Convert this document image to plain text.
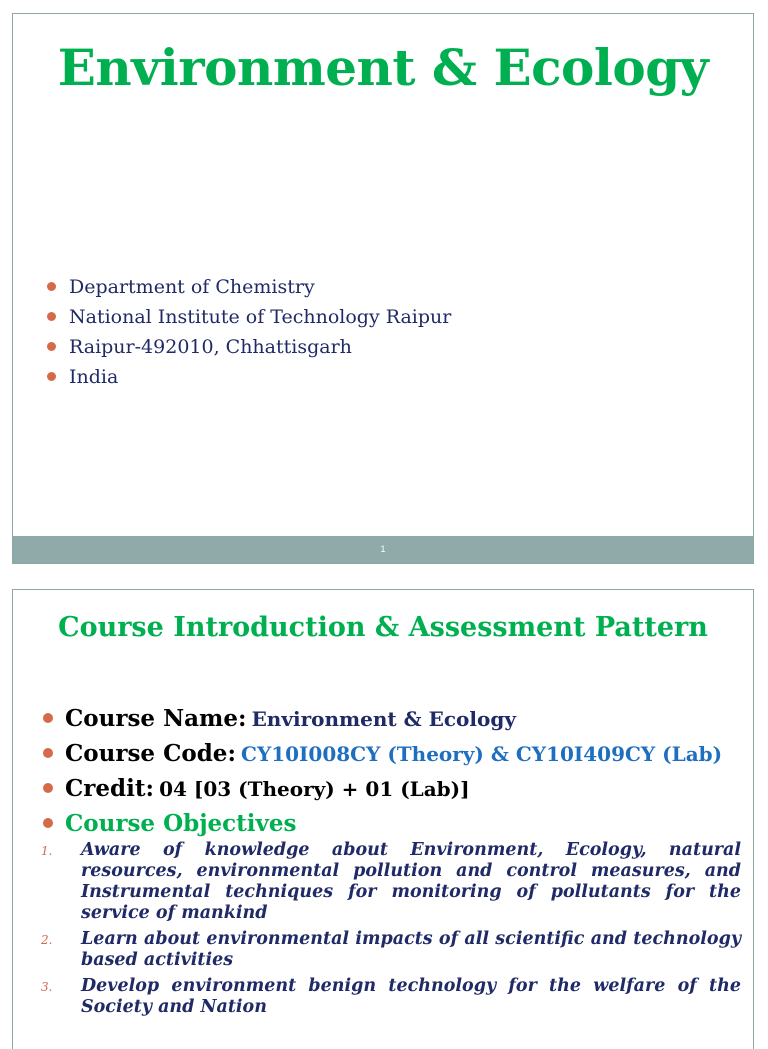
Environment & Ecology
Department of Chemistry
National Institute of Technology Raipur
Raipur-492010, Chhattisgarh
India
1
Course Introduction & Assessment Pattern
Course Name: Environment & Ecology
Course Code: CY10I008CY (Theory) & CY10I409CY (Lab)
Credit: 04 [03 (Theory) + 01 (Lab)]
Course Objectives
1. Aware of knowledge about Environment, Ecology, natural resources, environmental pollution and control measures, and Instrumental techniques for monitoring of pollutants for the service of mankind
2. Learn about environmental impacts of all scientific and technology based activities
3. Develop environment benign technology for the welfare of the Society and Nation
